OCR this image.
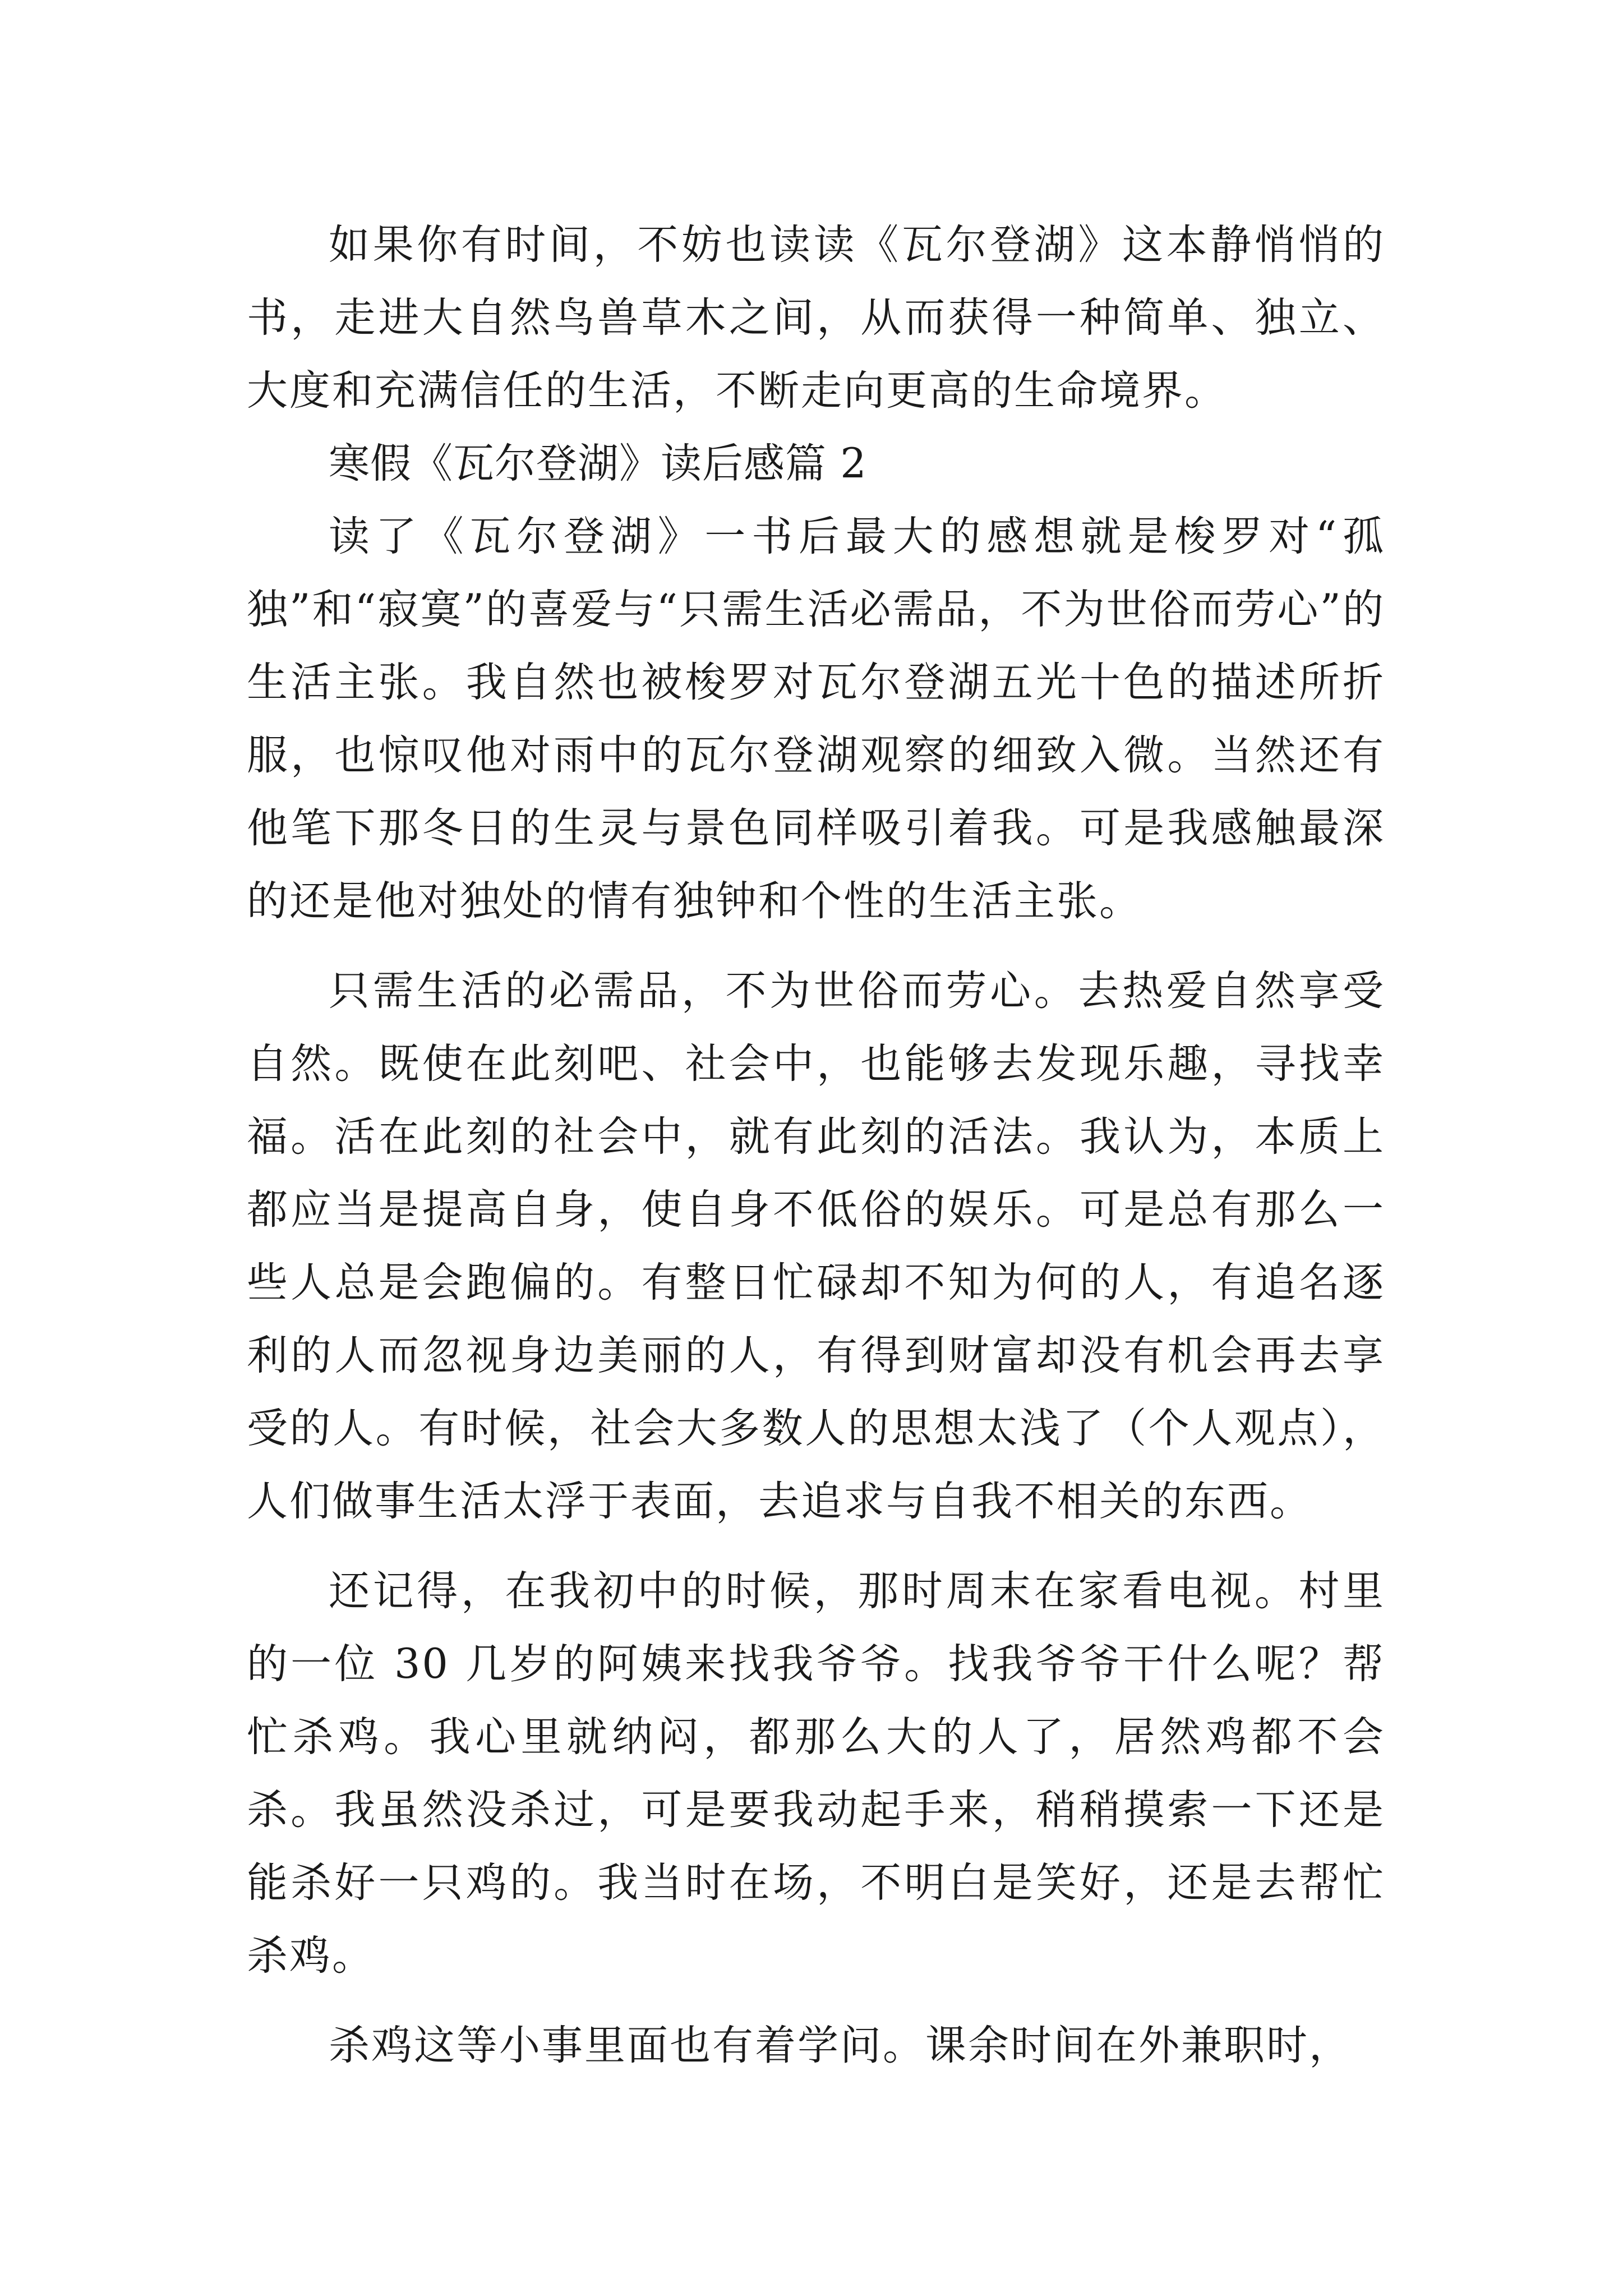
如果你有时间，不妨也读读《瓦尔登湖》这本静悄悄的书，走进大自然鸟兽草木之间，从而获得一种简单、独立、大度和充满信任的生活，不断走向更高的生命境界。

寒假《瓦尔登湖》读后感篇 2

读了《瓦尔登湖》一书后最大的感想就是梭罗对“孤独”和“寂寞”的喜爱与“只需生活必需品，不为世俗而劳心”的生活主张。我自然也被梭罗对瓦尔登湖五光十色的描述所折服，也惊叹他对雨中的瓦尔登湖观察的细致入微。当然还有他笔下那冬日的生灵与景色同样吸引着我。可是我感触最深的还是他对独处的情有独钟和个性的生活主张。

只需生活的必需品，不为世俗而劳心。去热爱自然享受自然。既使在此刻吧、社会中，也能够去发现乐趣，寻找幸福。活在此刻的社会中，就有此刻的活法。我认为，本质上都应当是提高自身，使自身不低俗的娱乐。可是总有那么一些人总是会跑偏的。有整日忙碌却不知为何的人，有追名逐利的人而忽视身边美丽的人，有得到财富却没有机会再去享受的人。有时候，社会大多数人的思想太浅了（个人观点），人们做事生活太浮于表面，去追求与自我不相关的东西。

还记得，在我初中的时候，那时周末在家看电视。村里的一位 30 几岁的阿姨来找我爷爷。找我爷爷干什么呢？帮忙杀鸡。我心里就纳闷，都那么大的人了，居然鸡都不会杀。我虽然没杀过，可是要我动起手来，稍稍摸索一下还是能杀好一只鸡的。我当时在场，不明白是笑好，还是去帮忙杀鸡。

杀鸡这等小事里面也有着学问。课余时间在外兼职时，
